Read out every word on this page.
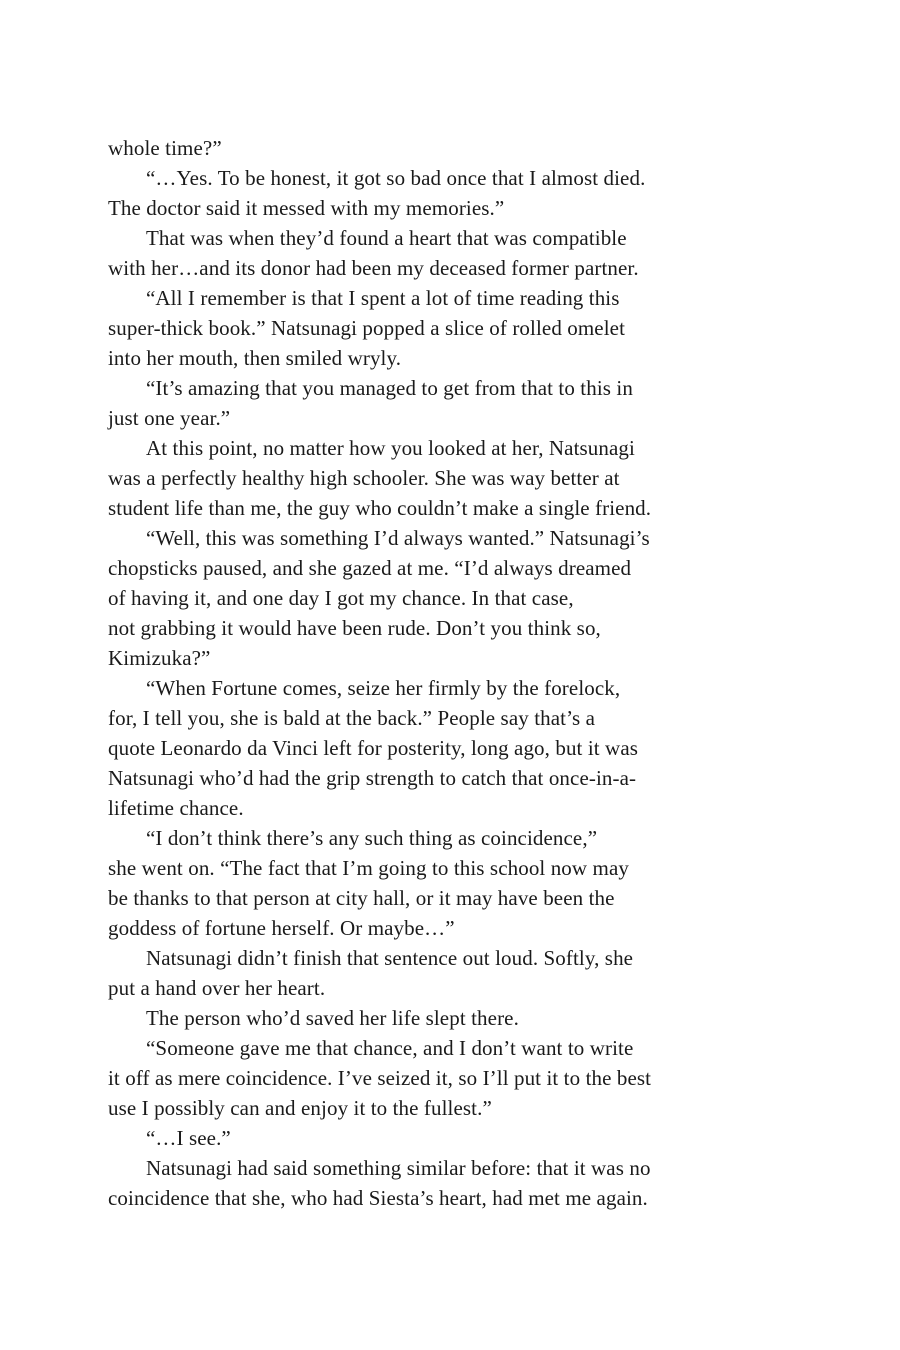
whole time?”
“…Yes. To be honest, it got so bad once that I almost died.
The doctor said it messed with my memories.”
That was when they’d found a heart that was compatible
with her…and its donor had been my deceased former partner.
“All I remember is that I spent a lot of time reading this
super-thick book.” Natsunagi popped a slice of rolled omelet
into her mouth, then smiled wryly.
“It’s amazing that you managed to get from that to this in
just one year.”
At this point, no matter how you looked at her, Natsunagi
was a perfectly healthy high schooler. She was way better at
student life than me, the guy who couldn’t make a single friend.
“Well, this was something I’d always wanted.” Natsunagi’s
chopsticks paused, and she gazed at me. “I’d always dreamed
of having it, and one day I got my chance. In that case,
not grabbing it would have been rude. Don’t you think so,
Kimizuka?”
“When Fortune comes, seize her firmly by the forelock,
for, I tell you, she is bald at the back.” People say that’s a
quote Leonardo da Vinci left for posterity, long ago, but it was
Natsunagi who’d had the grip strength to catch that once-in-a-
lifetime chance.
“I don’t think there’s any such thing as coincidence,”
she went on. “The fact that I’m going to this school now may
be thanks to that person at city hall, or it may have been the
goddess of fortune herself. Or maybe…”
Natsunagi didn’t finish that sentence out loud. Softly, she
put a hand over her heart.
The person who’d saved her life slept there.
“Someone gave me that chance, and I don’t want to write
it off as mere coincidence. I’ve seized it, so I’ll put it to the best
use I possibly can and enjoy it to the fullest.”
“…I see.”
Natsunagi had said something similar before: that it was no
coincidence that she, who had Siesta’s heart, had met me again.
